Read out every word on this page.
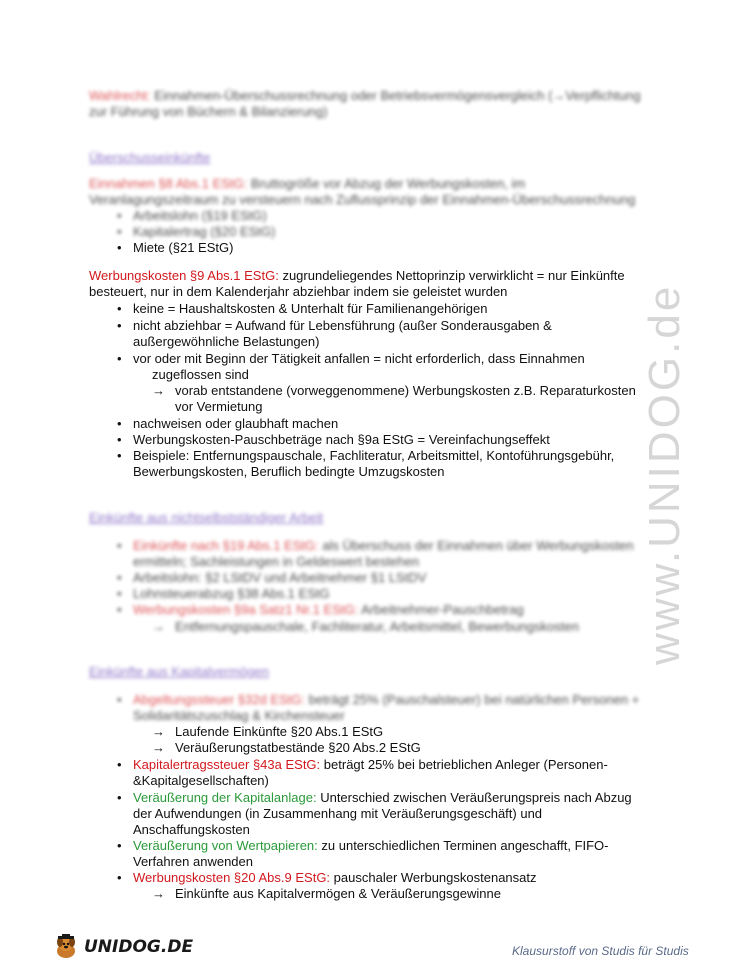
www.UNIDOG.de
Wahlrecht: Einnahmen-Überschussrechnung oder Betriebsvermögensvergleich (→Verpflichtung
zur Führung von Büchern & Bilanzierung)
Überschusseinkünfte
Einnahmen §8 Abs.1 EStG: Bruttogröße vor Abzug der Werbungskosten, im
Veranlagungszeitraum zu versteuern nach Zuflussprinzip der Einnahmen-Überschussrechnung
• Arbeitslohn (§19 EStG)
• Kapitalertrag (§20 EStG)
• Miete (§21 EStG)
Werbungskosten §9 Abs.1 EStG: zugrundeliegendes Nettoprinzip verwirklicht = nur Einkünfte
besteuert, nur in dem Kalenderjahr abziehbar indem sie geleistet wurden
• keine = Haushaltskosten & Unterhalt für Familienangehörigen
• nicht abziehbar = Aufwand für Lebensführung (außer Sonderausgaben &
außergewöhnliche Belastungen)
• vor oder mit Beginn der Tätigkeit anfallen = nicht erforderlich, dass Einnahmen
zugeflossen sind
→ vorab entstandene (vorweggenommene) Werbungskosten z.B. Reparaturkosten
vor Vermietung
• nachweisen oder glaubhaft machen
• Werbungskosten-Pauschbeträge nach §9a EStG = Vereinfachungseffekt
• Beispiele: Entfernungspauschale, Fachliteratur, Arbeitsmittel, Kontoführungsgebühr,
Bewerbungskosten, Beruflich bedingte Umzugskosten
Einkünfte aus nichtselbstständiger Arbeit
• Einkünfte nach §19 Abs.1 EStG: als Überschuss der Einnahmen über Werbungskosten
ermitteln; Sachleistungen in Geldeswert bestehen
• Arbeitslohn: §2 LStDV und Arbeitnehmer §1 LStDV
• Lohnsteuerabzug §38 Abs.1 EStG
• Werbungskosten §9a Satz1 Nr.1 EStG: Arbeitnehmer-Pauschbetrag
→ Entfernungspauschale, Fachliteratur, Arbeitsmittel, Bewerbungskosten
Einkünfte aus Kapitalvermögen
• Abgeltungssteuer §32d EStG: beträgt 25% (Pauschalsteuer) bei natürlichen Personen +
Solidaritätszuschlag & Kirchensteuer
→ Laufende Einkünfte §20 Abs.1 EStG
→ Veräußerungstatbestände §20 Abs.2 EStG
• Kapitalertragssteuer §43a EStG: beträgt 25% bei betrieblichen Anleger (Personen-
&Kapitalgesellschaften)
• Veräußerung der Kapitalanlage: Unterschied zwischen Veräußerungspreis nach Abzug
der Aufwendungen (in Zusammenhang mit Veräußerungsgeschäft) und
Anschaffungskosten
• Veräußerung von Wertpapieren: zu unterschiedlichen Terminen angeschafft, FIFO-
Verfahren anwenden
• Werbungskosten §20 Abs.9 EStG: pauschaler Werbungskostenansatz
→ Einkünfte aus Kapitalvermögen & Veräußerungsgewinne
UNIDOG.DE	Klausurstoff von Studis für Studis
